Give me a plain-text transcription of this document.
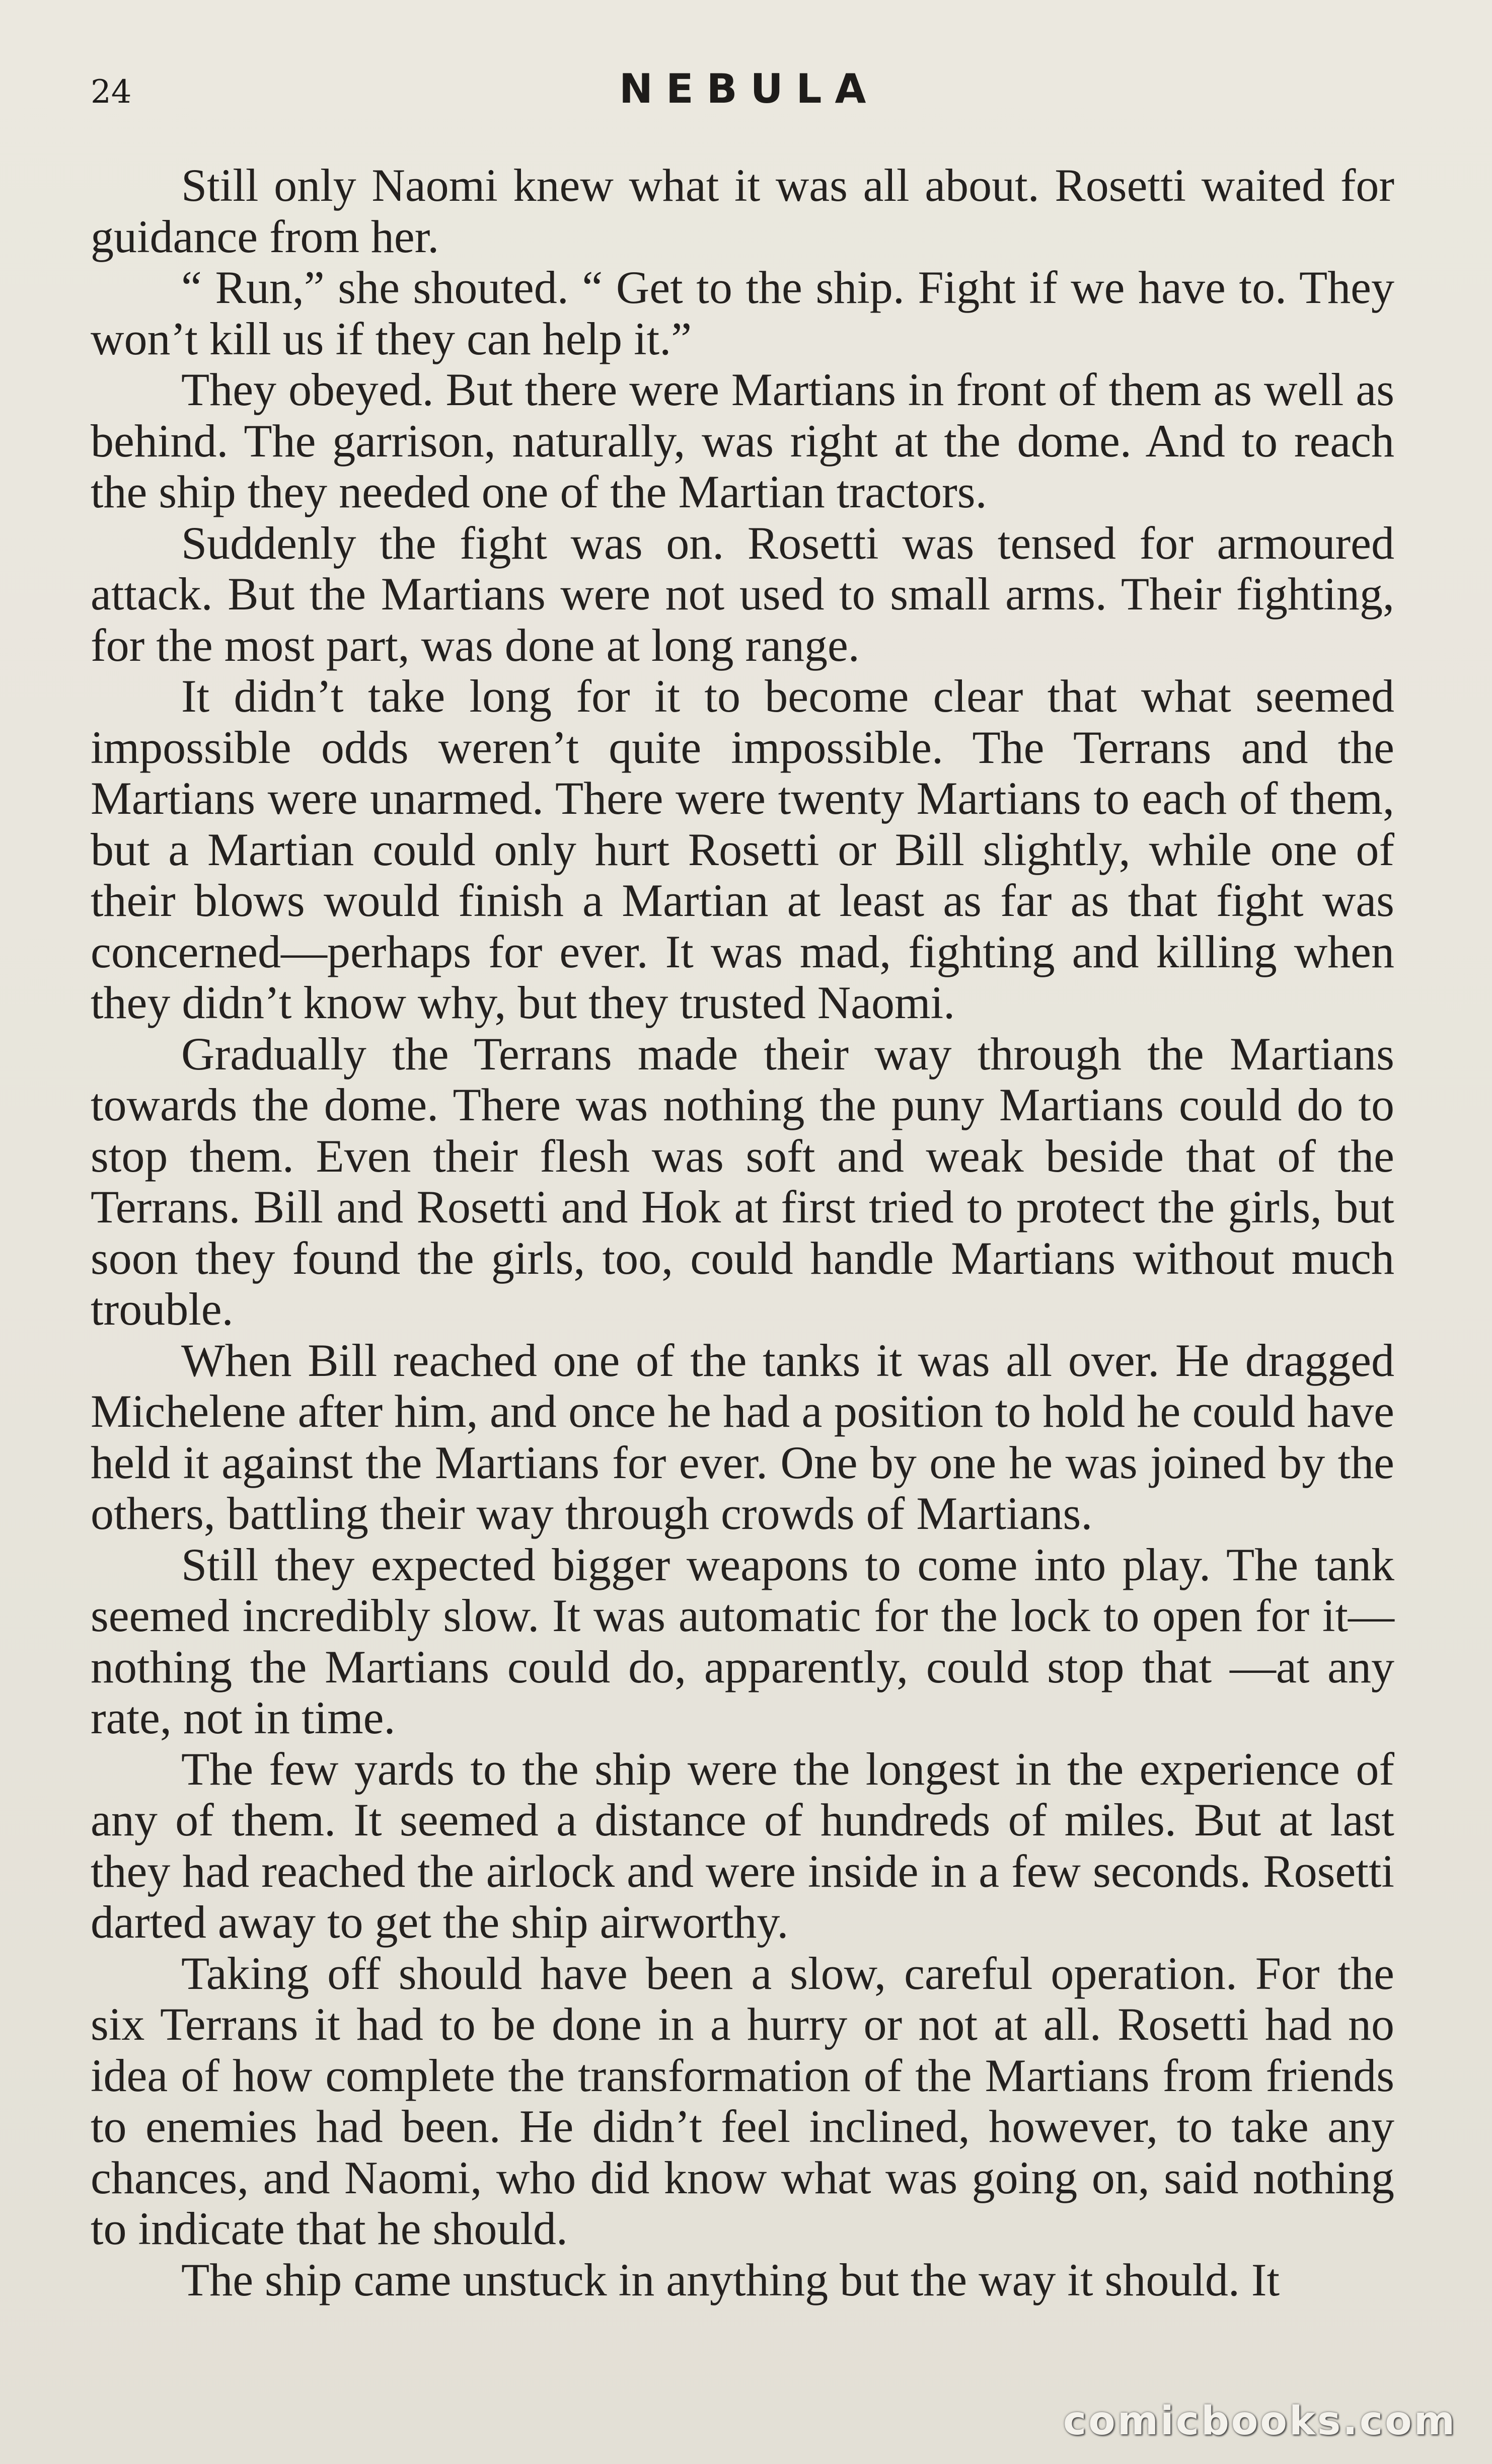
24	NEBULA

Still only Naomi knew what it was all about. Rosetti waited for guidance from her.

“ Run,” she shouted. “ Get to the ship. Fight if we have to. They won’t kill us if they can help it.”

They obeyed. But there were Martians in front of them as well as behind. The garrison, naturally, was right at the dome. And to reach the ship they needed one of the Martian tractors.

Suddenly the fight was on. Rosetti was tensed for armoured attack. But the Martians were not used to small arms. Their fighting, for the most part, was done at long range.

It didn’t take long for it to become clear that what seemed impossible odds weren’t quite impossible. The Terrans and the Martians were unarmed. There were twenty Martians to each of them, but a Martian could only hurt Rosetti or Bill slightly, while one of their blows would finish a Martian at least as far as that fight was concerned—perhaps for ever. It was mad, fighting and killing when they didn’t know why, but they trusted Naomi.

Gradually the Terrans made their way through the Martians towards the dome. There was nothing the puny Martians could do to stop them. Even their flesh was soft and weak beside that of the Terrans. Bill and Rosetti and Hok at first tried to protect the girls, but soon they found the girls, too, could handle Martians without much trouble.

When Bill reached one of the tanks it was all over. He dragged Michelene after him, and once he had a position to hold he could have held it against the Martians for ever. One by one he was joined by the others, battling their way through crowds of Martians.

Still they expected bigger weapons to come into play. The tank seemed incredibly slow. It was automatic for the lock to open for it—nothing the Martians could do, apparently, could stop that —at any rate, not in time.

The few yards to the ship were the longest in the experience of any of them. It seemed a distance of hundreds of miles. But at last they had reached the airlock and were inside in a few seconds. Rosetti darted away to get the ship airworthy.

Taking off should have been a slow, careful operation. For the six Terrans it had to be done in a hurry or not at all. Rosetti had no idea of how complete the transformation of the Martians from friends to enemies had been. He didn’t feel inclined, however, to take any chances, and Naomi, who did know what was going on, said nothing to indicate that he should.

The ship came unstuck in anything but the way it should. It

comicbooks.com
